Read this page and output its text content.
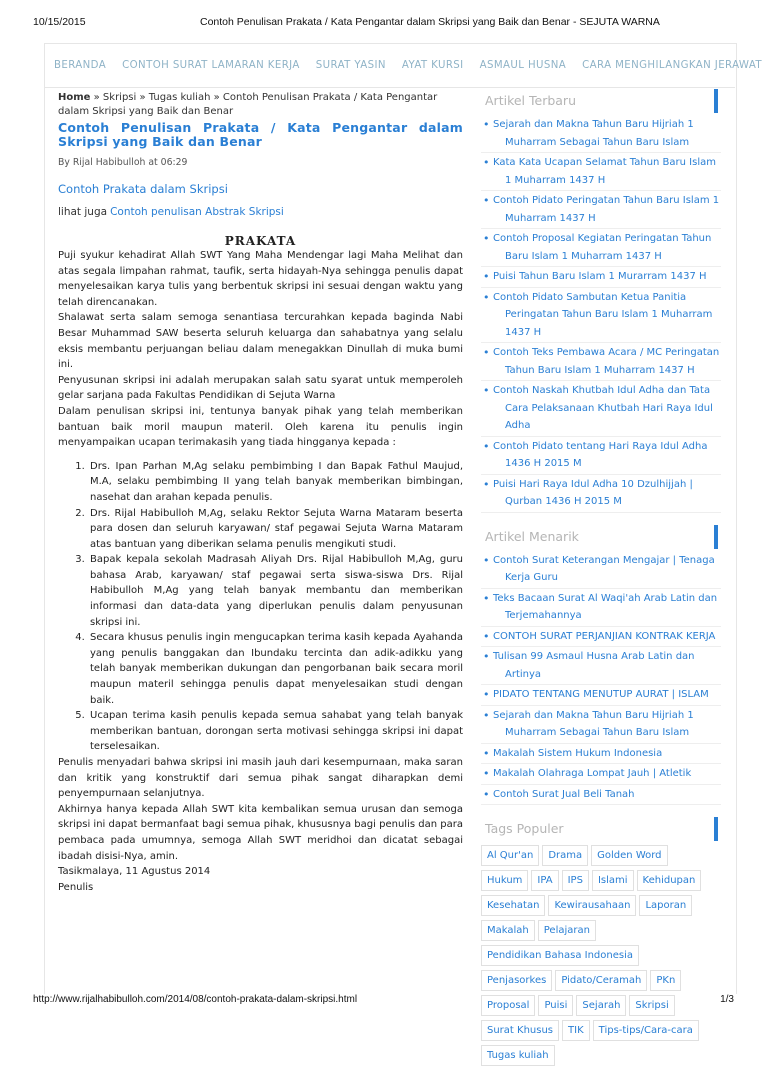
10/15/2015	Contoh Penulisan Prakata / Kata Pengantar dalam Skripsi yang Baik dan Benar - SEJUTA WARNA
BERANDA CONTOH SURAT LAMARAN KERJA SURAT YASIN AYAT KURSI ASMAUL HUSNA CARA MENGHILANGKAN JERAWAT
Home » Skripsi » Tugas kuliah » Contoh Penulisan Prakata / Kata Pengantar dalam Skripsi yang Baik dan Benar
Contoh Penulisan Prakata / Kata Pengantar dalam Skripsi yang Baik dan Benar
By Rijal Habibulloh at 06:29
Contoh Prakata dalam Skripsi
lihat juga Contoh penulisan Abstrak Skripsi
PRAKATA

Puji syukur kehadirat Allah SWT Yang Maha Mendengar lagi Maha Melihat dan atas segala limpahan rahmat, taufik, serta hidayah-Nya sehingga penulis dapat menyelesaikan karya tulis yang berbentuk skripsi ini sesuai dengan waktu yang telah direncanakan.

Shalawat serta salam semoga senantiasa tercurahkan kepada baginda Nabi Besar Muhammad SAW beserta seluruh keluarga dan sahabatnya yang selalu eksis membantu perjuangan beliau dalam menegakkan Dinullah di muka bumi ini.

Penyusunan skripsi ini adalah merupakan salah satu syarat untuk memperoleh gelar sarjana pada Fakultas Pendidikan di Sejuta Warna

Dalam penulisan skripsi ini, tentunya banyak pihak yang telah memberikan bantuan baik moril maupun materil. Oleh karena itu penulis ingin menyampaikan ucapan terimakasih yang tiada hingganya kepada :

1. Drs. Ipan Parhan M,Ag selaku pembimbing I dan Bapak Fathul Maujud, M.A, selaku pembimbing II yang telah banyak memberikan bimbingan, nasehat dan arahan kepada penulis.
2. Drs. Rijal Habibulloh M,Ag, selaku Rektor Sejuta Warna Mataram beserta para dosen dan seluruh karyawan/ staf pegawai Sejuta Warna Mataram atas bantuan yang diberikan selama penulis mengikuti studi.
3. Bapak kepala sekolah Madrasah Aliyah Drs. Rijal Habibulloh M,Ag, guru bahasa Arab, karyawan/ staf pegawai serta siswa-siswa Drs. Rijal Habibulloh M,Ag yang telah banyak membantu dan memberikan informasi dan data-data yang diperlukan penulis dalam penyusunan skripsi ini.
4. Secara khusus penulis ingin mengucapkan terima kasih kepada Ayahanda yang penulis banggakan dan Ibundaku tercinta dan adik-adikku yang telah banyak memberikan dukungan dan pengorbanan baik secara moril maupun materil sehingga penulis dapat menyelesaikan studi dengan baik.
5. Ucapan terima kasih penulis kepada semua sahabat yang telah banyak memberikan bantuan, dorongan serta motivasi sehingga skripsi ini dapat terselesaikan.

Penulis menyadari bahwa skripsi ini masih jauh dari kesempurnaan, maka saran dan kritik yang konstruktif dari semua pihak sangat diharapkan demi penyempurnaan selanjutnya.

Akhirnya hanya kepada Allah SWT kita kembalikan semua urusan dan semoga skripsi ini dapat bermanfaat bagi semua pihak, khususnya bagi penulis dan para pembaca pada umumnya, semoga Allah SWT meridhoi dan dicatat sebagai ibadah disisi-Nya, amin.

Tasikmalaya, 11 Agustus 2014

Penulis

Artikel Terbaru
• Sejarah dan Makna Tahun Baru Hijriah 1 Muharram Sebagai Tahun Baru Islam
• Kata Kata Ucapan Selamat Tahun Baru Islam 1 Muharram 1437 H
• Contoh Pidato Peringatan Tahun Baru Islam 1 Muharram 1437 H
• Contoh Proposal Kegiatan Peringatan Tahun Baru Islam 1 Muharram 1437 H
• Puisi Tahun Baru Islam 1 Murarram 1437 H
• Contoh Pidato Sambutan Ketua Panitia Peringatan Tahun Baru Islam 1 Muharram 1437 H
• Contoh Teks Pembawa Acara / MC Peringatan Tahun Baru Islam 1 Muharram 1437 H
• Contoh Naskah Khutbah Idul Adha dan Tata Cara Pelaksanaan Khutbah Hari Raya Idul Adha
• Contoh Pidato tentang Hari Raya Idul Adha 1436 H 2015 M
• Puisi Hari Raya Idul Adha 10 Dzulhijjah | Qurban 1436 H 2015 M
Artikel Menarik
• Contoh Surat Keterangan Mengajar | Tenaga Kerja Guru
• Teks Bacaan Surat Al Waqi'ah Arab Latin dan Terjemahannya
• CONTOH SURAT PERJANJIAN KONTRAK KERJA
• Tulisan 99 Asmaul Husna Arab Latin dan Artinya
• PIDATO TENTANG MENUTUP AURAT | ISLAM
• Sejarah dan Makna Tahun Baru Hijriah 1 Muharram Sebagai Tahun Baru Islam
• Makalah Sistem Hukum Indonesia
• Makalah Olahraga Lompat Jauh | Atletik
• Contoh Surat Jual Beli Tanah
Tags Populer
Al Qur'an	Drama	Golden Word
Hukum	IPA	IPS	Islami	Kehidupan
Kesehatan	Kewirausahaan	Laporan
Makalah	Pelajaran
Pendidikan Bahasa Indonesia
Penjasorkes	Pidato/Ceramah	PKn
Proposal	Puisi	Sejarah	Skripsi
Surat Khusus	TIK	Tips-tips/Cara-cara
Tugas kuliah
http://www.rijalhabibulloh.com/2014/08/contoh-prakata-dalam-skripsi.html	1/3
